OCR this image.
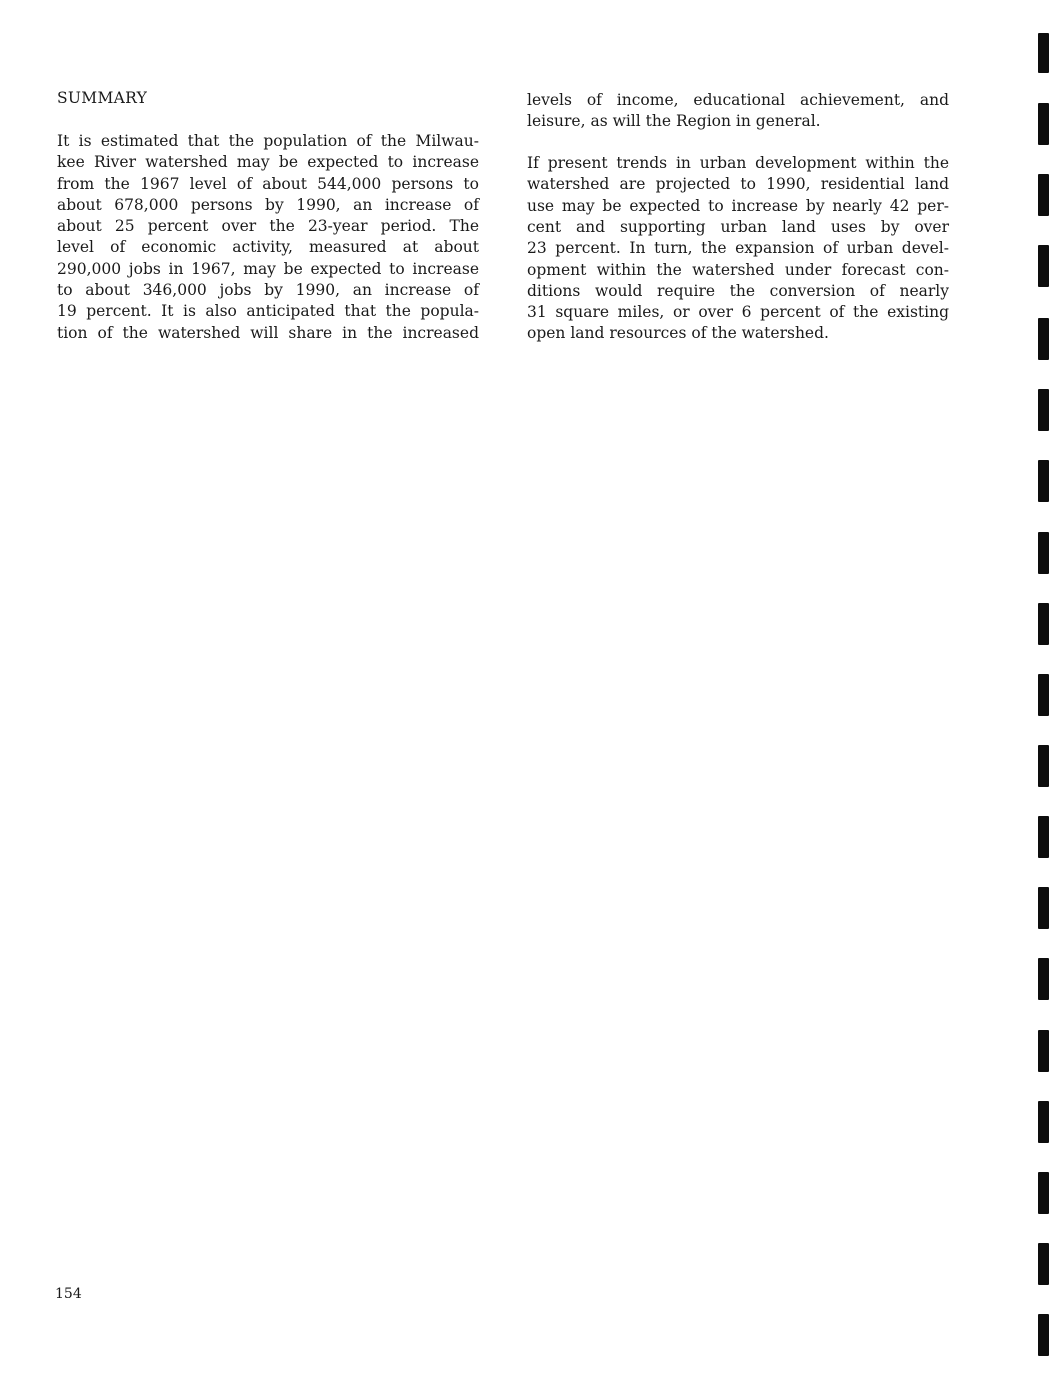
SUMMARY
It is estimated that the population of the Milwau-
kee River watershed may be expected to increase
from the 1967 level of about 544,000 persons to
about 678,000 persons by 1990, an increase of
about 25 percent over the 23-year period. The
level of economic activity, measured at about
290,000 jobs in 1967, may be expected to increase
to about 346,000 jobs by 1990, an increase of
19 percent. It is also anticipated that the popula-
tion of the watershed will share in the increased
levels of income, educational achievement, and
leisure, as will the Region in general.
If present trends in urban development within the
watershed are projected to 1990, residential land
use may be expected to increase by nearly 42 per-
cent and supporting urban land uses by over
23 percent. In turn, the expansion of urban devel-
opment within the watershed under forecast con-
ditions would require the conversion of nearly
31 square miles, or over 6 percent of the existing
open land resources of the watershed.
154
